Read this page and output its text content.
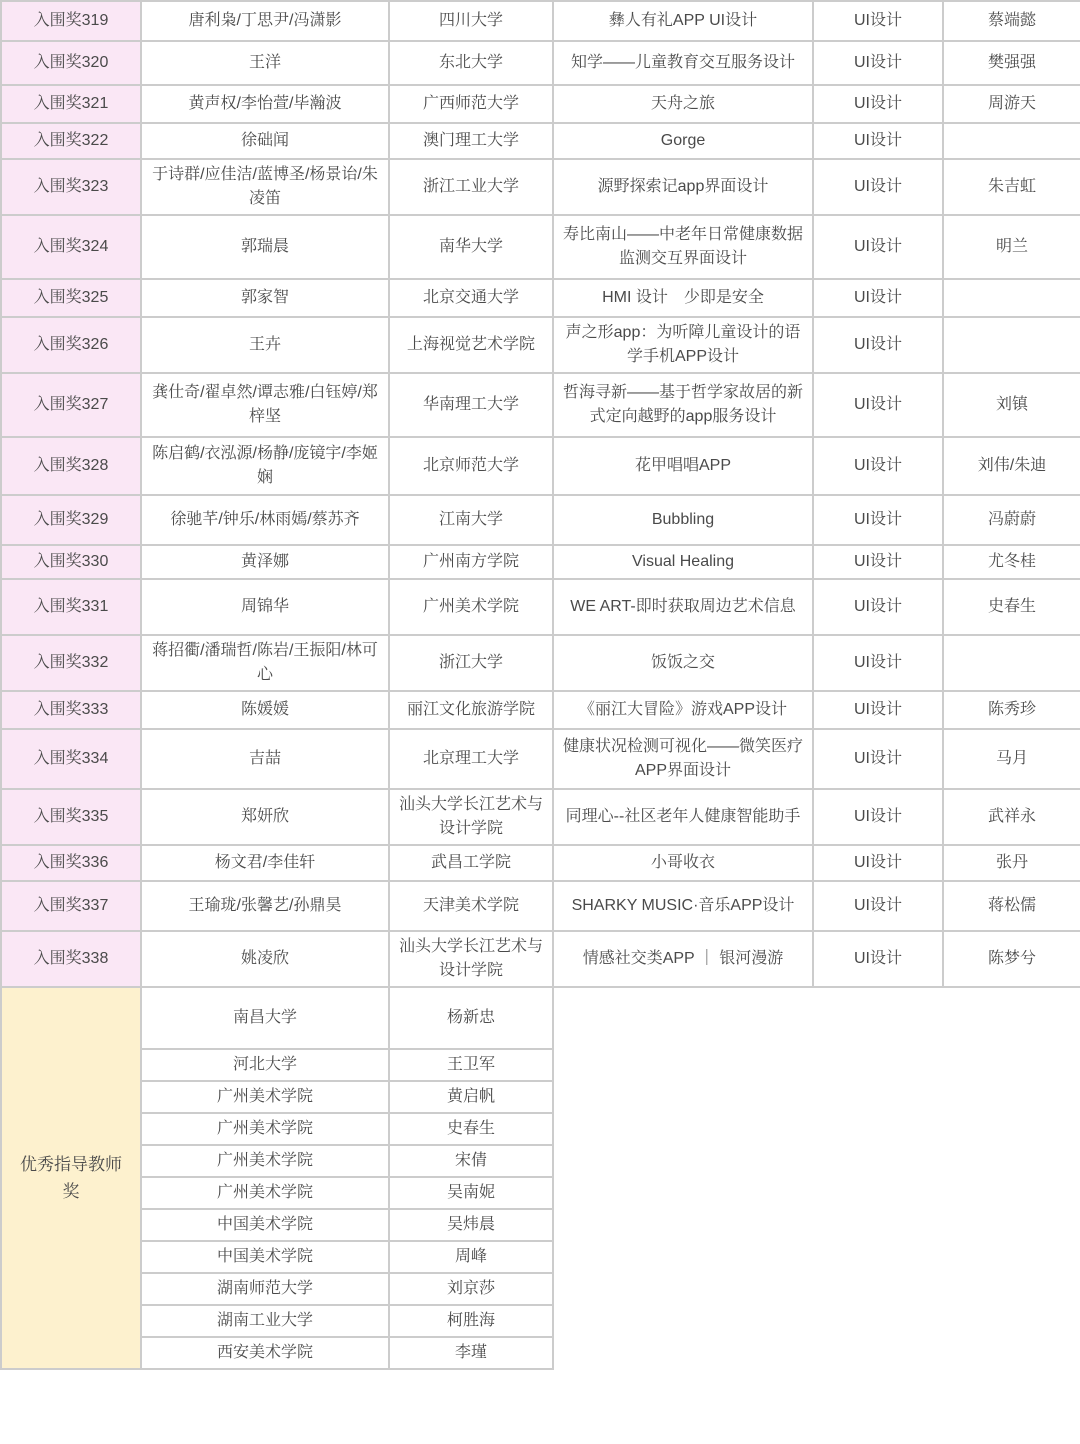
入围奖319	唐利枭/丁思尹/冯潇影	四川大学	彝人有礼APP UI设计	UI设计	蔡端懿
入围奖320	王洋	东北大学	知学——儿童教育交互服务设计	UI设计	樊强强
入围奖321	黄声权/李怡萱/毕瀚波	广西师范大学	天舟之旅	UI设计	周游天
入围奖322	徐础闻	澳门理工大学	Gorge	UI设计	
入围奖323	于诗群/应佳洁/蓝博圣/杨景诒/朱凌笛	浙江工业大学	源野探索记app界面设计	UI设计	朱吉虹
入围奖324	郭瑞晨	南华大学	寿比南山——中老年日常健康数据监测交互界面设计	UI设计	明兰
入围奖325	郭家智	北京交通大学	HMI 设计　少即是安全	UI设计	
入围奖326	王卉	上海视觉艺术学院	声之形app：为听障儿童设计的语学手机APP设计	UI设计	
入围奖327	龚仕奇/翟卓然/谭志雅/白钰婷/郑梓坚	华南理工大学	哲海寻新——基于哲学家故居的新式定向越野的app服务设计	UI设计	刘镇
入围奖328	陈启鹤/衣泓源/杨静/庞镜宇/李姬娴	北京师范大学	花甲唱唱APP	UI设计	刘伟/朱迪
入围奖329	徐驰芊/钟乐/林雨嫣/蔡苏齐	江南大学	Bubbling	UI设计	冯蔚蔚
入围奖330	黄泽娜	广州南方学院	Visual Healing	UI设计	尤冬桂
入围奖331	周锦华	广州美术学院	WE ART-即时获取周边艺术信息	UI设计	史春生
入围奖332	蒋招衢/潘瑞哲/陈岩/王振阳/林可心	浙江大学	饭饭之交	UI设计	
入围奖333	陈媛媛	丽江文化旅游学院	《丽江大冒险》游戏APP设计	UI设计	陈秀珍
入围奖334	吉喆	北京理工大学	健康状况检测可视化——微笑医疗APP界面设计	UI设计	马月
入围奖335	郑妍欣	汕头大学长江艺术与设计学院	同理心--社区老年人健康智能助手	UI设计	武祥永
入围奖336	杨文君/李佳轩	武昌工学院	小哥收衣	UI设计	张丹
入围奖337	王瑜珑/张馨艺/孙鼎昊	天津美术学院	SHARKY MUSIC·音乐APP设计	UI设计	蒋松儒
入围奖338	姚凌欣	汕头大学长江艺术与设计学院	情感社交类APP ｜ 银河漫游	UI设计	陈梦兮
优秀指导教师奖	南昌大学	杨新忠			
	河北大学	王卫军			
	广州美术学院	黄启帆			
	广州美术学院	史春生			
	广州美术学院	宋倩			
	广州美术学院	吴南妮			
	中国美术学院	吴炜晨			
	中国美术学院	周峰			
	湖南师范大学	刘京莎			
	湖南工业大学	柯胜海			
	西安美术学院	李瑾			
